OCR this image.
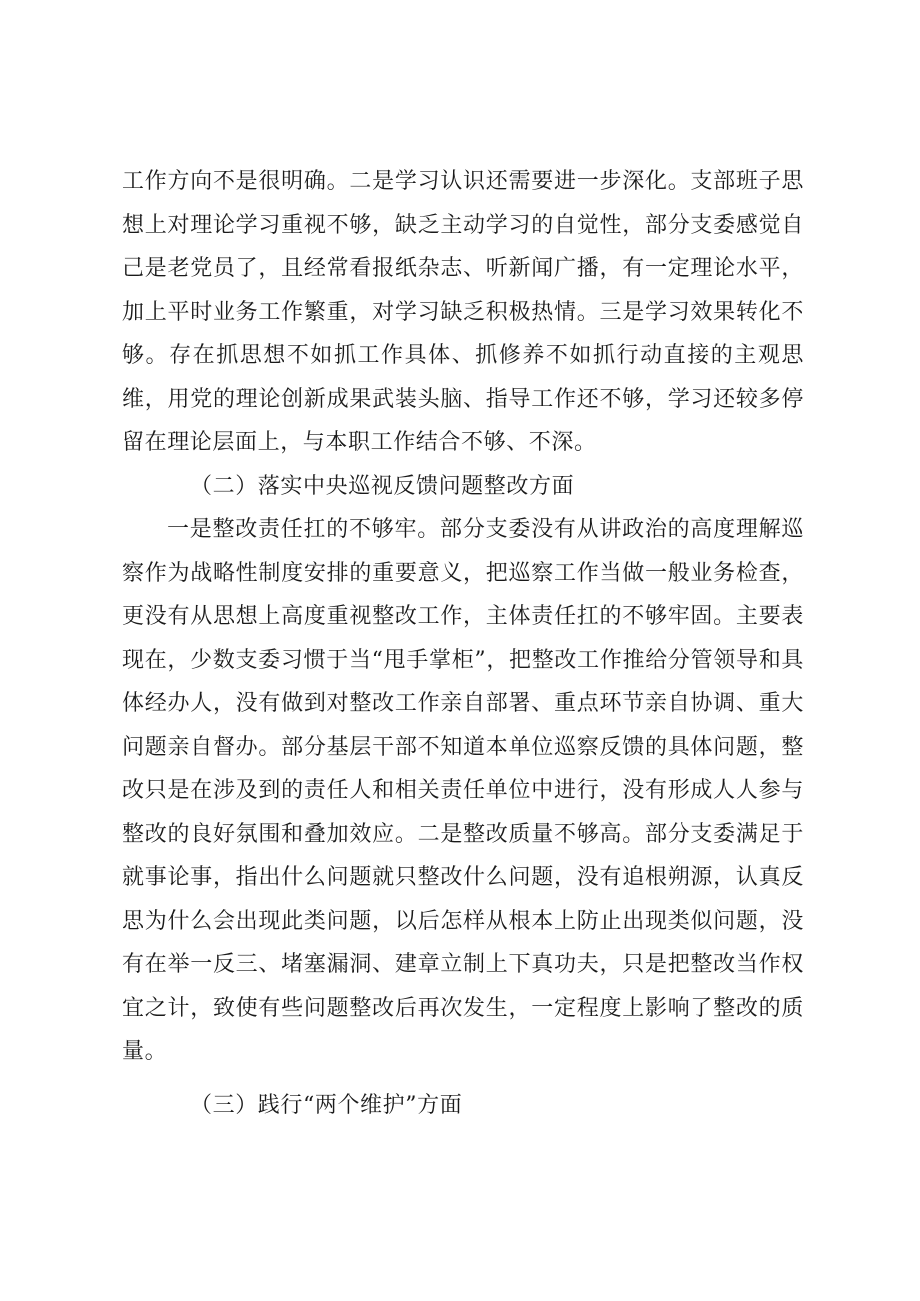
工作方向不是很明确。二是学习认识还需要进一步深化。支部班子思想上对理论学习重视不够，缺乏主动学习的自觉性，部分支委感觉自己是老党员了，且经常看报纸杂志、听新闻广播，有一定理论水平，加上平时业务工作繁重，对学习缺乏积极热情。三是学习效果转化不够。存在抓思想不如抓工作具体、抓修养不如抓行动直接的主观思维，用党的理论创新成果武装头脑、指导工作还不够，学习还较多停留在理论层面上，与本职工作结合不够、不深。

（二）落实中央巡视反馈问题整改方面

一是整改责任扛的不够牢。部分支委没有从讲政治的高度理解巡察作为战略性制度安排的重要意义，把巡察工作当做一般业务检查，更没有从思想上高度重视整改工作，主体责任扛的不够牢固。主要表现在，少数支委习惯于当“甩手掌柜”，把整改工作推给分管领导和具体经办人，没有做到对整改工作亲自部署、重点环节亲自协调、重大问题亲自督办。部分基层干部不知道本单位巡察反馈的具体问题，整改只是在涉及到的责任人和相关责任单位中进行，没有形成人人参与整改的良好氛围和叠加效应。二是整改质量不够高。部分支委满足于就事论事，指出什么问题就只整改什么问题，没有追根朔源，认真反思为什么会出现此类问题，以后怎样从根本上防止出现类似问题，没有在举一反三、堵塞漏洞、建章立制上下真功夫，只是把整改当作权宜之计，致使有些问题整改后再次发生，一定程度上影响了整改的质量。

（三）践行“两个维护”方面
